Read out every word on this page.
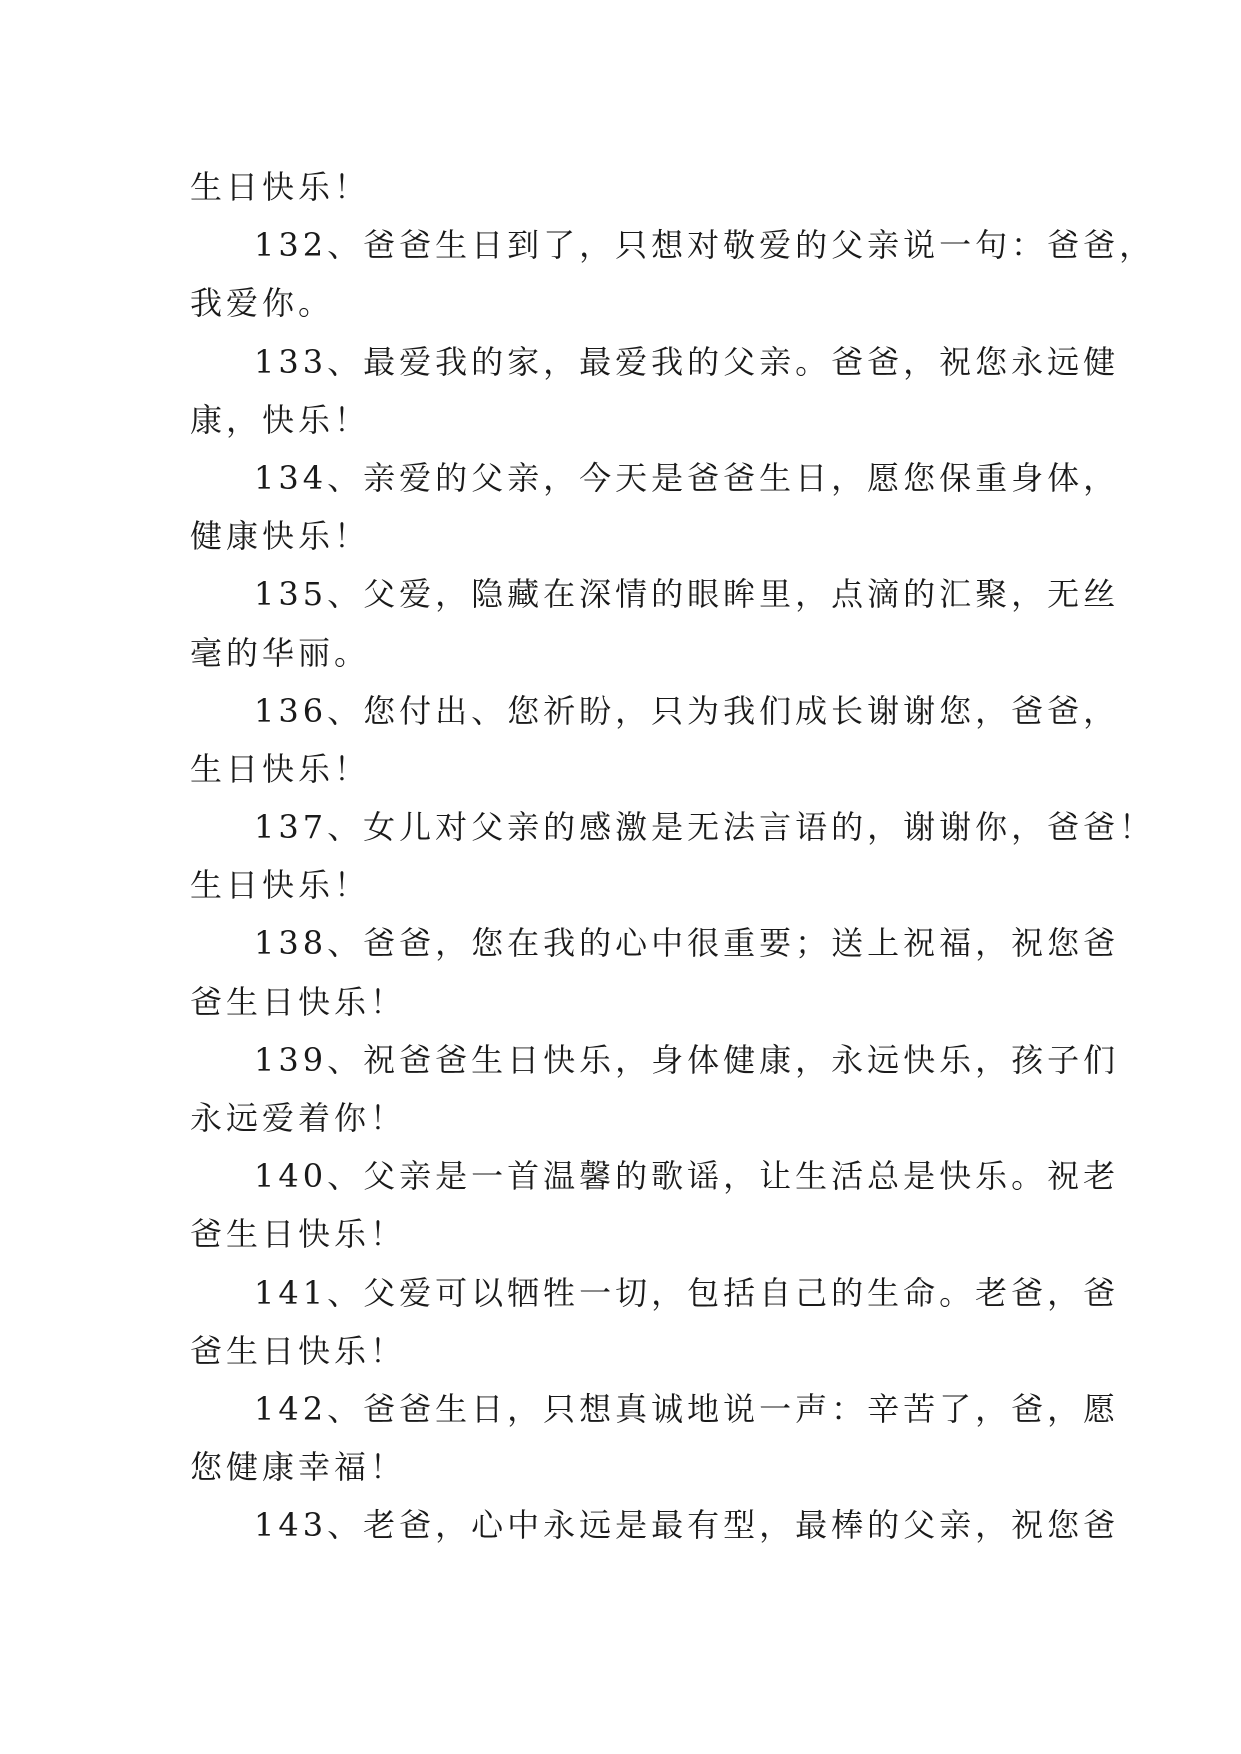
生日快乐！
132、爸爸生日到了，只想对敬爱的父亲说一句：爸爸，
我爱你。
133、最爱我的家，最爱我的父亲。爸爸，祝您永远健
康，快乐！
134、亲爱的父亲，今天是爸爸生日，愿您保重身体，
健康快乐！
135、父爱，隐藏在深情的眼眸里，点滴的汇聚，无丝
毫的华丽。
136、您付出、您祈盼，只为我们成长谢谢您，爸爸，
生日快乐！
137、女儿对父亲的感激是无法言语的，谢谢你，爸爸！
生日快乐！
138、爸爸，您在我的心中很重要；送上祝福，祝您爸
爸生日快乐！
139、祝爸爸生日快乐，身体健康，永远快乐，孩子们
永远爱着你！
140、父亲是一首温馨的歌谣，让生活总是快乐。祝老
爸生日快乐！
141、父爱可以牺牲一切，包括自己的生命。老爸，爸
爸生日快乐！
142、爸爸生日，只想真诚地说一声：辛苦了，爸，愿
您健康幸福！
143、老爸，心中永远是最有型，最棒的父亲，祝您爸
